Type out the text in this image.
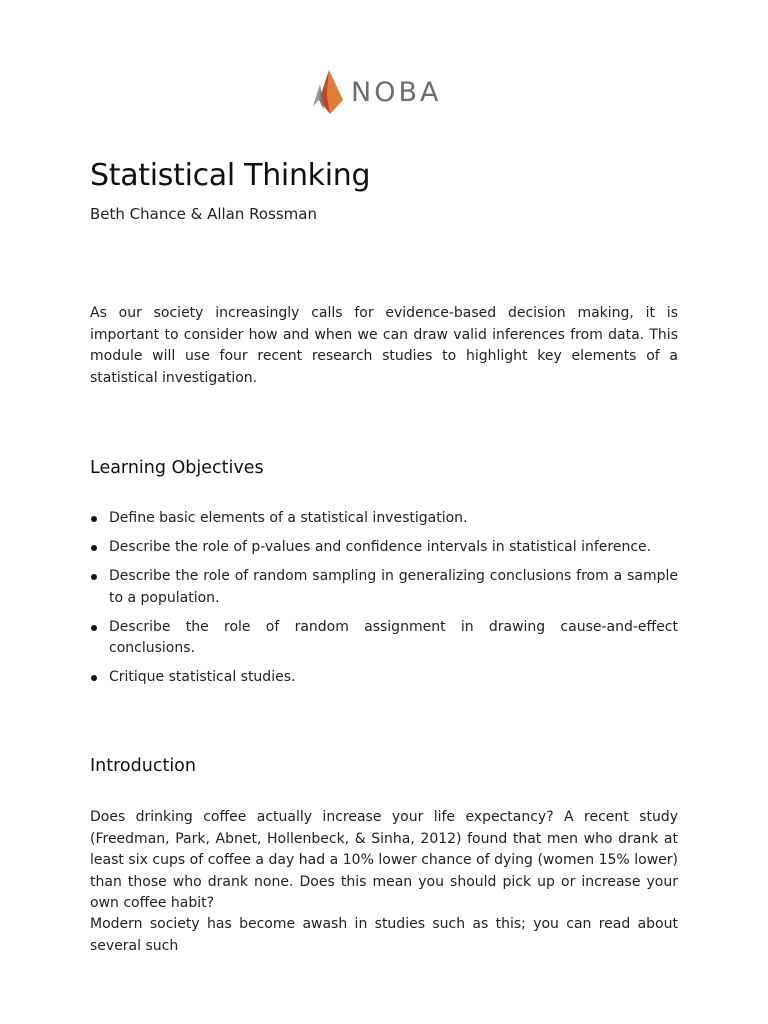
NOBA
Statistical Thinking

Beth Chance & Allan Rossman

As our society increasingly calls for evidence-based decision making, it is important to consider how and when we can draw valid inferences from data. This module will use four recent research studies to highlight key elements of a statistical investigation.

Learning Objectives
Define basic elements of a statistical investigation.
Describe the role of p-values and confidence intervals in statistical inference.
Describe the role of random sampling in generalizing conclusions from a sample to a population.
Describe the role of random assignment in drawing cause-and-effect conclusions.
Critique statistical studies.
Introduction

Does drinking coffee actually increase your life expectancy? A recent study (Freedman, Park, Abnet, Hollenbeck, & Sinha, 2012) found that men who drank at least six cups of coffee a day had a 10% lower chance of dying (women 15% lower) than those who drank none. Does this mean you should pick up or increase your own coffee habit?

Modern society has become awash in studies such as this; you can read about several such
